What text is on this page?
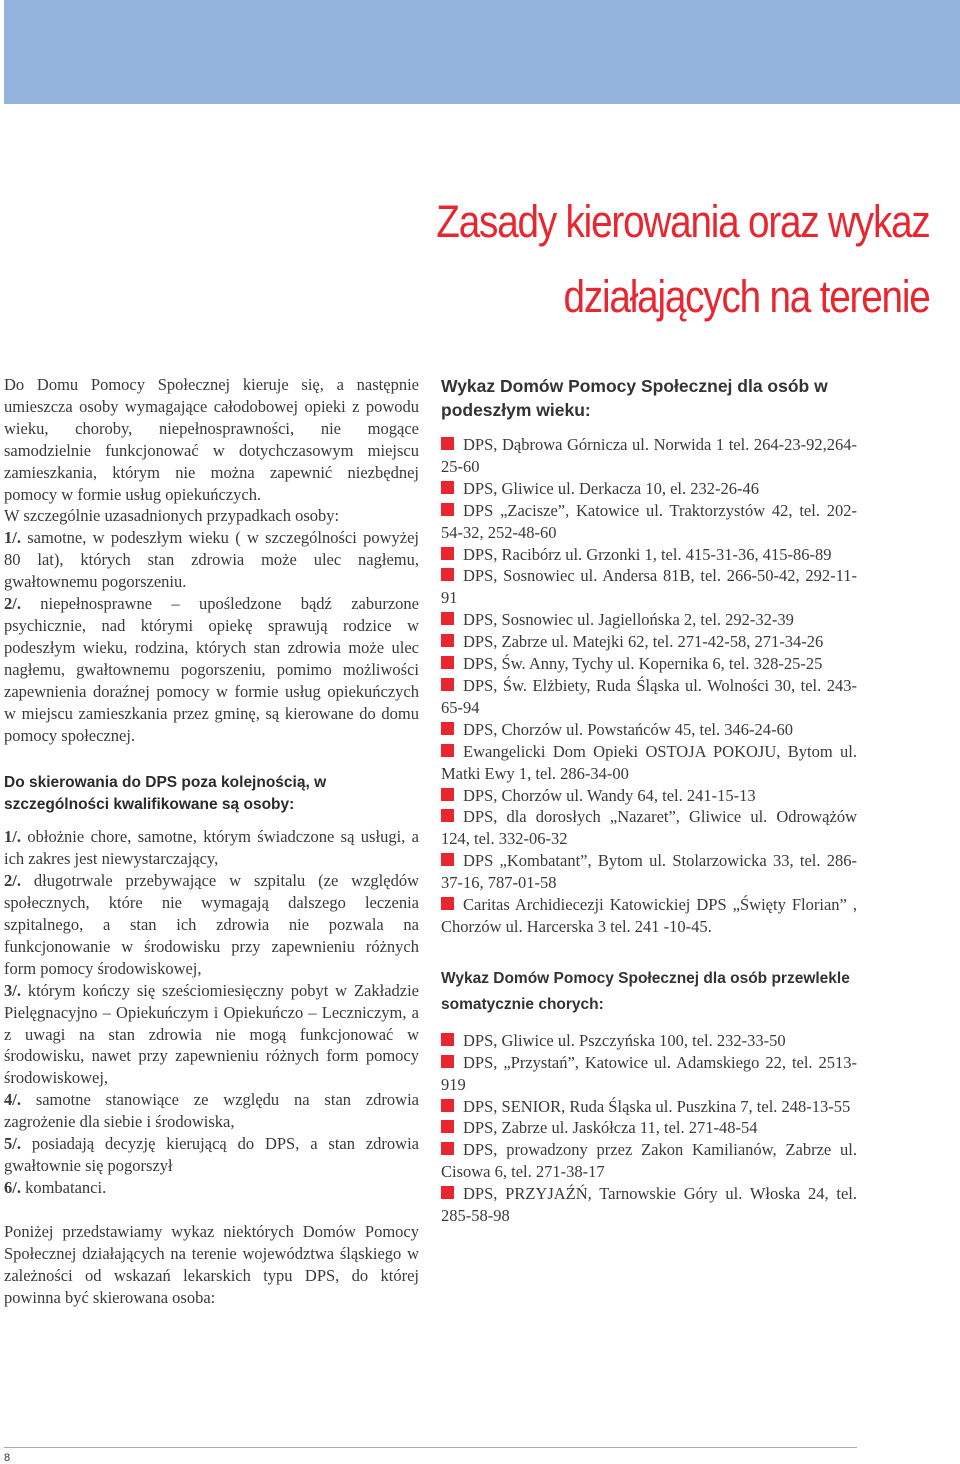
Zasady kierowania oraz wykaz
działających na terenie

Do Domu Pomocy Społecznej kieruje się, a następnie umieszcza osoby wymagające całodobowej opieki z powodu wieku, choroby, niepełnosprawności, nie mogące samodzielnie funkcjonować w dotychczasowym miejscu zamieszkania, którym nie można zapewnić niezbędnej pomocy w formie usług opiekuńczych.

W szczególnie uzasadnionych przypadkach osoby:

1/. samotne, w podeszłym wieku ( w szczególności powyżej 80 lat), których stan zdrowia może ulec nagłemu, gwałtownemu pogorszeniu.

2/. niepełnosprawne – upośledzone bądź zaburzone psychicznie, nad którymi opiekę sprawują rodzice w podeszłym wieku, rodzina, których stan zdrowia może ulec nagłemu, gwałtownemu pogorszeniu, pomimo możliwości zapewnienia doraźnej pomocy w formie usług opiekuńczych w miejscu zamieszkania przez gminę, są kierowane do domu pomocy społecznej.

Do skierowania do DPS poza kolejnością, w szczególności kwalifikowane są osoby:

1/. obłożnie chore, samotne, którym świadczone są usługi, a ich zakres jest niewystarczający,

2/. długotrwale przebywające w szpitalu (ze względów społecznych, które nie wymagają dalszego leczenia szpitalnego, a stan ich zdrowia nie pozwala na funkcjonowanie w środowisku przy zapewnieniu różnych form pomocy środowiskowej,

3/. którym kończy się sześciomiesięczny pobyt w Zakładzie Pielęgnacyjno – Opiekuńczym i Opiekuńczo – Leczniczym, a z uwagi na stan zdrowia nie mogą funkcjonować w środowisku, nawet przy zapewnieniu różnych form pomocy środowiskowej,

4/. samotne stanowiące ze względu na stan zdrowia zagrożenie dla siebie i środowiska,

5/. posiadają decyzję kierującą do DPS, a stan zdrowia gwałtownie się pogorszył

6/. kombatanci.

Poniżej przedstawiamy wykaz niektórych Domów Pomocy Społecznej działających na terenie województwa śląskiego w zależności od wskazań lekarskich typu DPS, do której powinna być skierowana osoba:

Wykaz Domów Pomocy Społecznej dla osób w podeszłym wieku:

DPS, Dąbrowa Górnicza ul. Norwida 1 tel. 264-23-92,264-25-60

DPS, Gliwice ul. Derkacza 10, el. 232-26-46

DPS „Zacisze”, Katowice ul. Traktorzystów 42, tel. 202-54-32, 252-48-60

DPS, Racibórz ul. Grzonki 1, tel. 415-31-36, 415-86-89

DPS, Sosnowiec ul. Andersa 81B, tel. 266-50-42, 292-11-91

DPS, Sosnowiec ul. Jagiellońska 2, tel. 292-32-39

DPS, Zabrze ul. Matejki 62, tel. 271-42-58, 271-34-26

DPS, Św. Anny, Tychy ul. Kopernika 6, tel. 328-25-25

DPS, Św. Elżbiety, Ruda Śląska ul. Wolności 30, tel. 243-65-94

DPS, Chorzów ul. Powstańców 45, tel. 346-24-60

Ewangelicki Dom Opieki OSTOJA POKOJU, Bytom ul. Matki Ewy 1, tel. 286-34-00

DPS, Chorzów ul. Wandy 64, tel. 241-15-13

DPS, dla dorosłych „Nazaret”, Gliwice ul. Odrowążów 124, tel. 332-06-32

DPS „Kombatant”, Bytom ul. Stolarzowicka 33, tel. 286-37-16, 787-01-58

Caritas Archidiecezji Katowickiej DPS „Święty Florian” , Chorzów ul. Harcerska 3 tel. 241 -10-45.

Wykaz Domów Pomocy Społecznej dla osób przewlekle somatycznie chorych:

DPS, Gliwice ul. Pszczyńska 100, tel. 232-33-50

DPS, „Przystań”, Katowice ul. Adamskiego 22, tel. 2513-919

DPS, SENIOR, Ruda Śląska ul. Puszkina 7, tel. 248-13-55

DPS, Zabrze ul. Jaskółcza 11, tel. 271-48-54

DPS, prowadzony przez Zakon Kamilianów, Zabrze ul. Cisowa 6, tel. 271-38-17

DPS, PRZYJAŹŃ, Tarnowskie Góry ul. Włoska 24, tel. 285-58-98

8
